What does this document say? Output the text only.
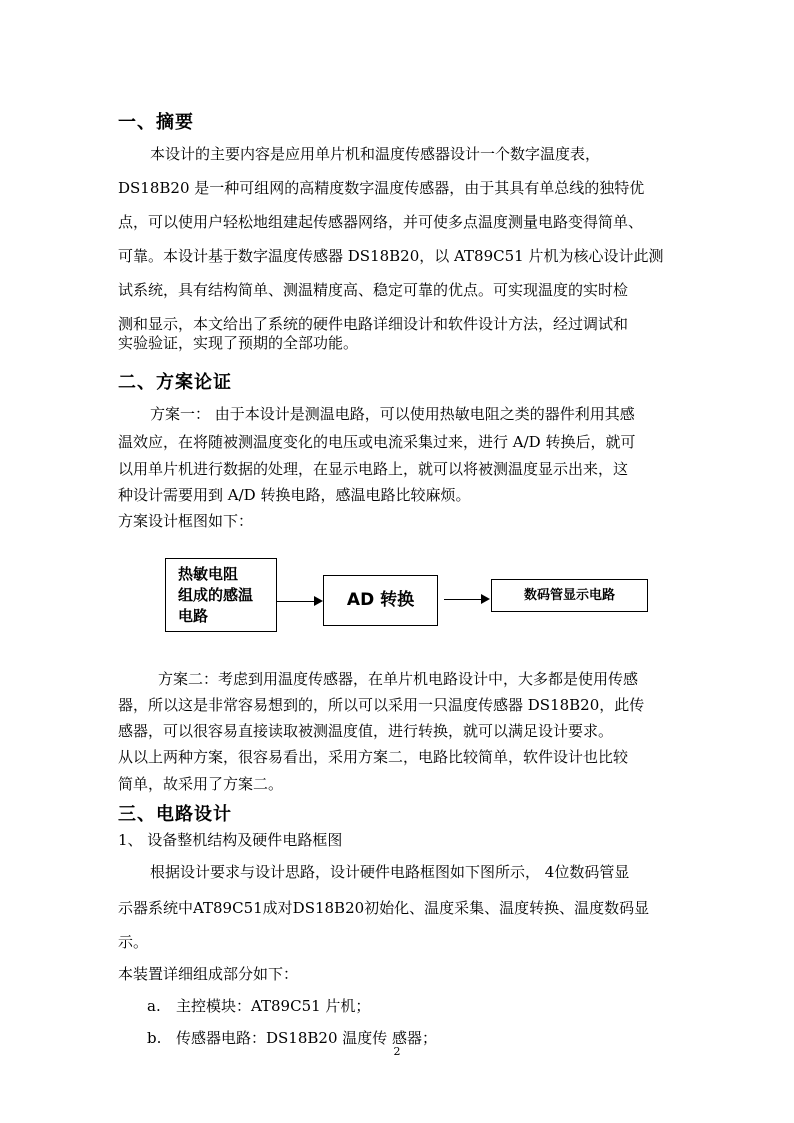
一、摘要
本设计的主要内容是应用单片机和温度传感器设计一个数字温度表，
DS18B20 是一种可组网的高精度数字温度传感器，由于其具有单总线的独特优
点，可以使用户轻松地组建起传感器网络，并可使多点温度测量电路变得简单、
可靠。本设计基于数字温度传感器 DS18B20，以 AT89C51 片机为核心设计此测
试系统，具有结构简单、测温精度高、稳定可靠的优点。可实现温度的实时检
测和显示，本文给出了系统的硬件电路详细设计和软件设计方法，经过调试和
实验验证，实现了预期的全部功能。
二、方案论证
方案一： 由于本设计是测温电路，可以使用热敏电阻之类的器件利用其感
温效应，在将随被测温度变化的电压或电流采集过来，进行 A/D 转换后，就可
以用单片机进行数据的处理，在显示电路上，就可以将被测温度显示出来，这
种设计需要用到 A/D 转换电路，感温电路比较麻烦。
方案设计框图如下：
热敏电阻
组成的感温
电路
AD 转换	数码管显示电路
方案二：考虑到用温度传感器，在单片机电路设计中，大多都是使用传感
器，所以这是非常容易想到的，所以可以采用一只温度传感器 DS18B20，此传
感器，可以很容易直接读取被测温度值，进行转换，就可以满足设计要求。
从以上两种方案，很容易看出，采用方案二，电路比较简单，软件设计也比较
简单，故采用了方案二。
三、电路设计
1、 设备整机结构及硬件电路框图
根据设计要求与设计思路，设计硬件电路框图如下图所示， 4位数码管显
示器系统中AT89C51成对DS18B20初始化、温度采集、温度转换、温度数码显
示。
本装置详细组成部分如下：
a. 主控模块：AT89C51 片机；
b. 传感器电路：DS18B20 温度传 感器；
2
